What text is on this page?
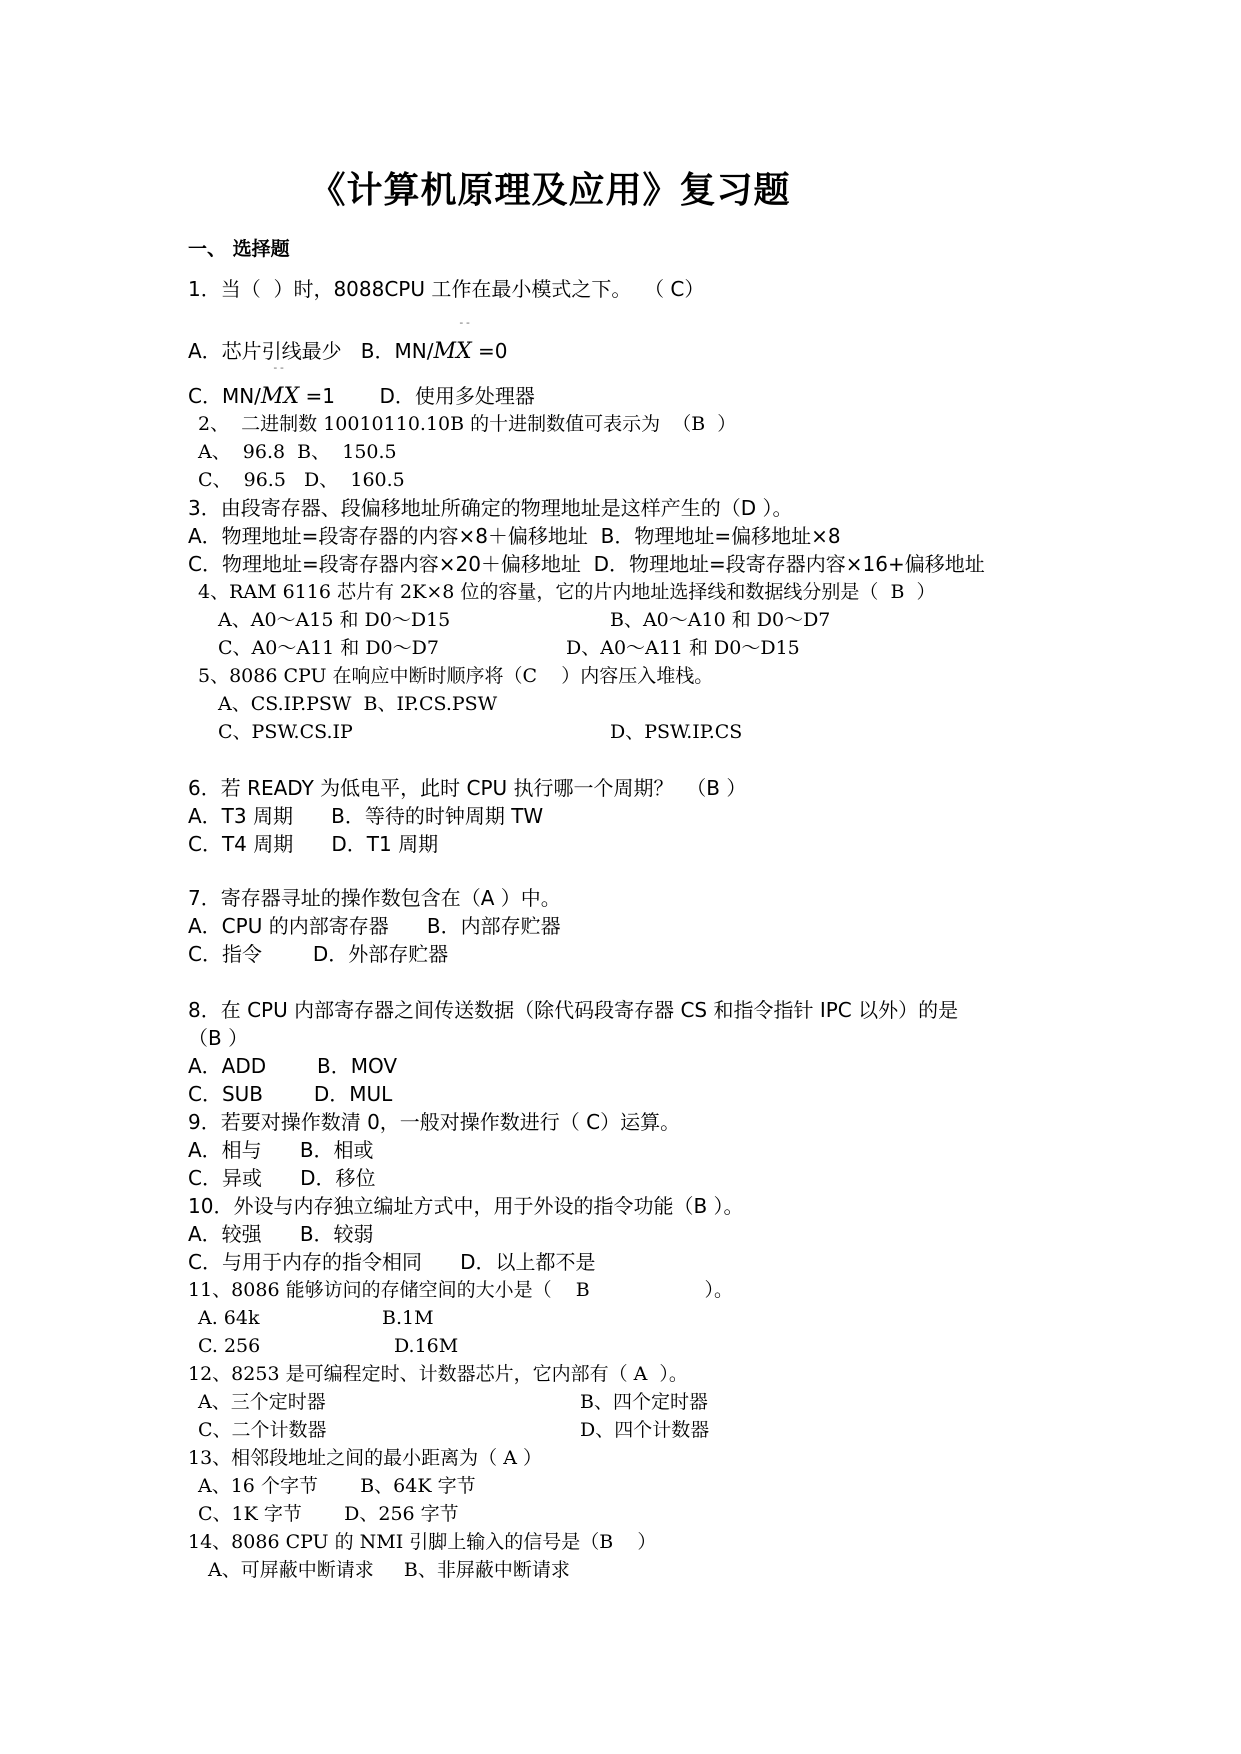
《计算机原理及应用》复习题
一、 选择题
1．当（  ）时，8088CPU 工作在最小模式之下。  （ C）
--
A．芯片引线最少   B．MN/MX =0
--
C．MN/MX =1       D．使用多处理器
2、  二进制数 10010110.10B 的十进制数值可表示为  （B  ）
A、  96.8  B、  150.5
C、  96.5   D、  160.5
3．由段寄存器、段偏移地址所确定的物理地址是这样产生的（D ）。
A．物理地址=段寄存器的内容×8＋偏移地址  B．物理地址=偏移地址×8
C．物理地址=段寄存器内容×20＋偏移地址  D．物理地址=段寄存器内容×16+偏移地址
4、RAM 6116 芯片有 2K×8 位的容量，它的片内地址选择线和数据线分别是（  B  ）
A、A0～A15 和 D0～D15	B、A0～A10 和 D0～D7
C、A0～A11 和 D0～D7	D、A0～A11 和 D0～D15
5、8086 CPU 在响应中断时顺序将（C    ）内容压入堆栈。
A、CS.IP.PSW  B、IP.CS.PSW
C、PSW.CS.IP	D、PSW.IP.CS
6．若 READY 为低电平，此时 CPU 执行哪一个周期？  （B ）
A．T3 周期      B．等待的时钟周期 TW
C．T4 周期      D．T1 周期
7．寄存器寻址的操作数包含在（A ）中。
A．CPU 的内部寄存器      B．内部存贮器
C．指令        D．外部存贮器
8．在 CPU 内部寄存器之间传送数据（除代码段寄存器 CS 和指令指针 IPC 以外）的是
（B ）
A．ADD        B．MOV
C．SUB        D．MUL
9．若要对操作数清 0，一般对操作数进行（ C）运算。
A．相与      B．相或
C．异或      D．移位
10．外设与内存独立编址方式中，用于外设的指令功能（B ）。
A．较强      B．较弱
C．与用于内存的指令相同      D．以上都不是
11、8086 能够访问的存储空间的大小是（    B                   ）。
A. 64k	B.1M
C. 256	D.16M
12、8253 是可编程定时、计数器芯片，它内部有（ A  ）。
A、三个定时器	B、四个定时器
C、二个计数器	D、四个计数器
13、相邻段地址之间的最小距离为（ A ）
A、16 个字节       B、64K 字节
C、1K 字节       D、256 字节
14、8086 CPU 的 NMI 引脚上输入的信号是（B    ）
A、可屏蔽中断请求     B、非屏蔽中断请求
